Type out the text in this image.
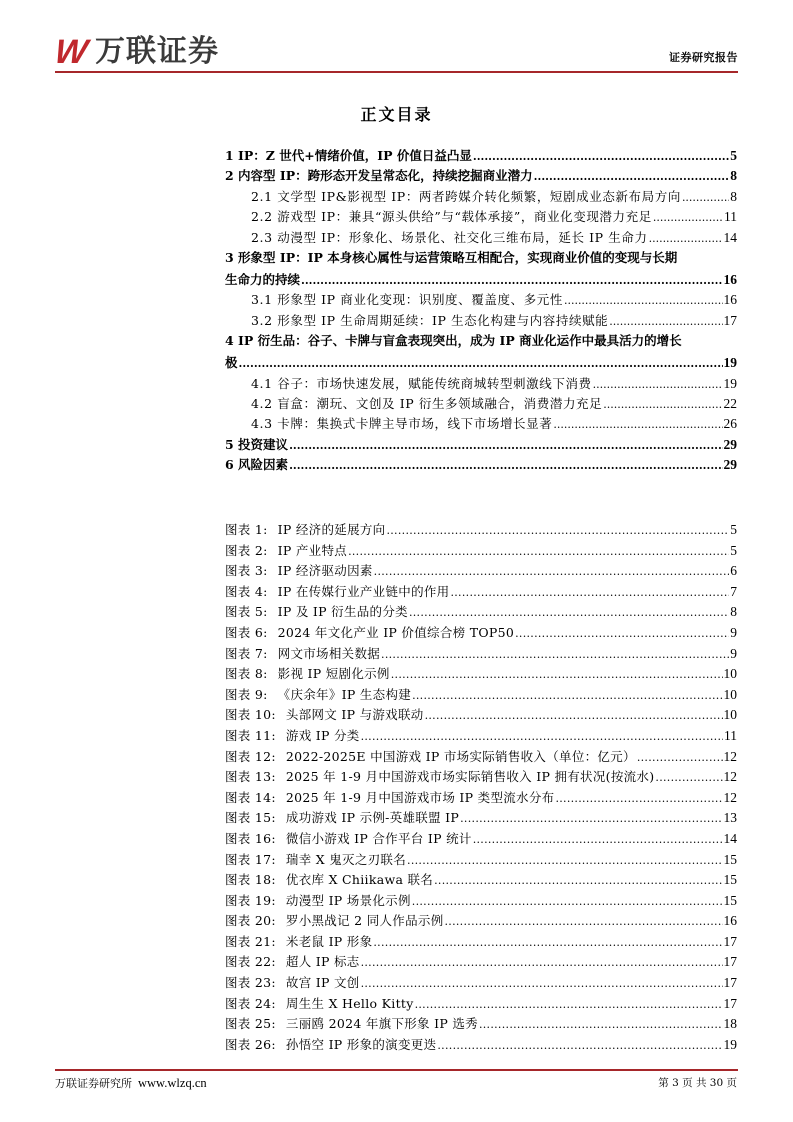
W 万联证券	证券研究报告
正文目录
1 IP：Z 世代+情绪价值，IP 价值日益凸显 .....	5
2 内容型 IP：跨形态开发呈常态化，持续挖掘商业潜力 .....	8
2.1 文学型 IP&影视型 IP：两者跨媒介转化频繁，短剧成业态新布局方向 .....	8
2.2 游戏型 IP：兼具“源头供给”与“载体承接”，商业化变现潜力充足 .....	11
2.3 动漫型 IP：形象化、场景化、社交化三维布局，延长 IP 生命力 .....	14
3 形象型 IP：IP 本身核心属性与运营策略互相配合，实现商业价值的变现与长期
生命力的持续 .....	16
3.1 形象型 IP 商业化变现：识别度、覆盖度、多元性 .....	16
3.2 形象型 IP 生命周期延续：IP 生态化构建与内容持续赋能 .....	17
4 IP 衍生品：谷子、卡牌与盲盒表现突出，成为 IP 商业化运作中最具活力的增长
极 .....	19
4.1 谷子：市场快速发展，赋能传统商城转型刺激线下消费 .....	19
4.2 盲盒：潮玩、文创及 IP 衍生多领域融合，消费潜力充足 .....	22
4.3 卡牌：集换式卡牌主导市场，线下市场增长显著 .....	26
5 投资建议 .....	29
6 风险因素 .....	29
图表 1: IP 经济的延展方向 .....	5
图表 2: IP 产业特点 .....	5
图表 3: IP 经济驱动因素 .....	6
图表 4: IP 在传媒行业产业链中的作用 .....	7
图表 5: IP 及 IP 衍生品的分类 .....	8
图表 6: 2024 年文化产业 IP 价值综合榜 TOP50 .....	9
图表 7: 网文市场相关数据 .....	9
图表 8: 影视 IP 短剧化示例 .....	10
图表 9: 《庆余年》IP 生态构建 .....	10
图表 10: 头部网文 IP 与游戏联动 .....	10
图表 11: 游戏 IP 分类 .....	11
图表 12: 2022-2025E 中国游戏 IP 市场实际销售收入（单位：亿元） .....	12
图表 13: 2025 年 1-9 月中国游戏市场实际销售收入 IP 拥有状况(按流水) .....	12
图表 14: 2025 年 1-9 月中国游戏市场 IP 类型流水分布 .....	12
图表 15: 成功游戏 IP 示例-英雄联盟 IP .....	13
图表 16: 微信小游戏 IP 合作平台 IP 统计 .....	14
图表 17: 瑞幸 X 鬼灭之刃联名 .....	15
图表 18: 优衣库 X Chiikawa 联名 .....	15
图表 19: 动漫型 IP 场景化示例 .....	15
图表 20: 罗小黑战记 2 同人作品示例 .....	16
图表 21: 米老鼠 IP 形象 .....	17
图表 22: 超人 IP 标志 .....	17
图表 23: 故宫 IP 文创 .....	17
图表 24: 周生生 X Hello Kitty .....	17
图表 25: 三丽鸥 2024 年旗下形象 IP 选秀 .....	18
图表 26: 孙悟空 IP 形象的演变更迭 .....	19
万联证券研究所 www.wlzq.cn	第 3 页 共 30 页
